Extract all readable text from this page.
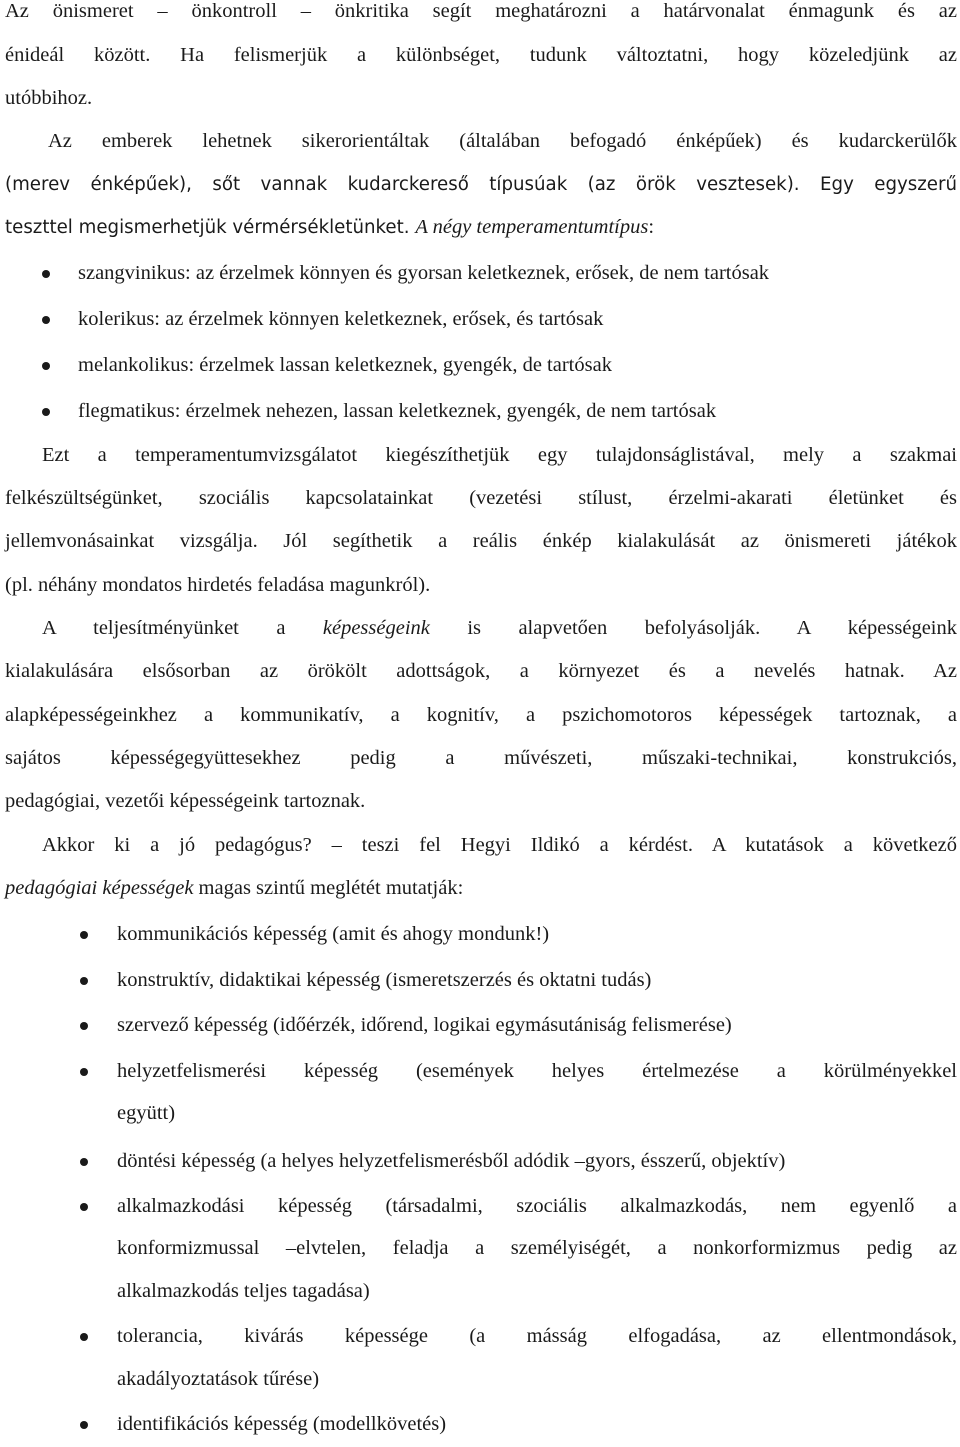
Az önismeret – önkontroll – önkritika segít meghatározni a határvonalat énmagunk és az
énideál között. Ha felismerjük a különbséget, tudunk változtatni, hogy közeledjünk az
utóbbihoz.
Az emberek lehetnek sikerorientáltak (általában befogadó énképűek) és kudarckerülők
(merev énképűek), sőt vannak kudarckereső típusúak (az örök vesztesek). Egy egyszerű
teszttel megismerhetjük vérmérsékletünket. A négy temperamentumtípus:
szangvinikus: az érzelmek könnyen és gyorsan keletkeznek, erősek, de nem tartósak
kolerikus: az érzelmek könnyen keletkeznek, erősek, és tartósak
melankolikus: érzelmek lassan keletkeznek, gyengék, de tartósak
flegmatikus: érzelmek nehezen, lassan keletkeznek, gyengék, de nem tartósak
Ezt a temperamentumvizsgálatot kiegészíthetjük egy tulajdonságlistával, mely a szakmai
felkészültségünket, szociális kapcsolatainkat (vezetési stílust, érzelmi-akarati életünket és
jellemvonásainkat vizsgálja. Jól segíthetik a reális énkép kialakulását az önismereti játékok
(pl. néhány mondatos hirdetés feladása magunkról).
A teljesítményünket a képességeink is alapvetően befolyásolják. A képességeink
kialakulására elsősorban az örökölt adottságok, a környezet és a nevelés hatnak. Az
alapképességeinkhez a kommunikatív, a kognitív, a pszichomotoros képességek tartoznak, a
sajátos képességegyüttesekhez pedig a művészeti, műszaki-technikai, konstrukciós,
pedagógiai, vezetői képességeink tartoznak.
Akkor ki a jó pedagógus? – teszi fel Hegyi Ildikó a kérdést. A kutatások a következő
pedagógiai képességek magas szintű meglétét mutatják:
kommunikációs képesség (amit és ahogy mondunk!)
konstruktív, didaktikai képesség (ismeretszerzés és oktatni tudás)
szervező képesség (időérzék, időrend, logikai egymásutániság felismerése)
helyzetfelismerési képesség (események helyes értelmezése a körülményekkel
együtt)
döntési képesség (a helyes helyzetfelismerésből adódik –gyors, ésszerű, objektív)
alkalmazkodási képesség (társadalmi, szociális alkalmazkodás, nem egyenlő a
konformizmussal –elvtelen, feladja a személyiségét, a nonkorformizmus pedig az
alkalmazkodás teljes tagadása)
tolerancia, kivárás képessége (a másság elfogadása, az ellentmondások,
akadályoztatások tűrése)
identifikációs képesség (modellkövetés)
